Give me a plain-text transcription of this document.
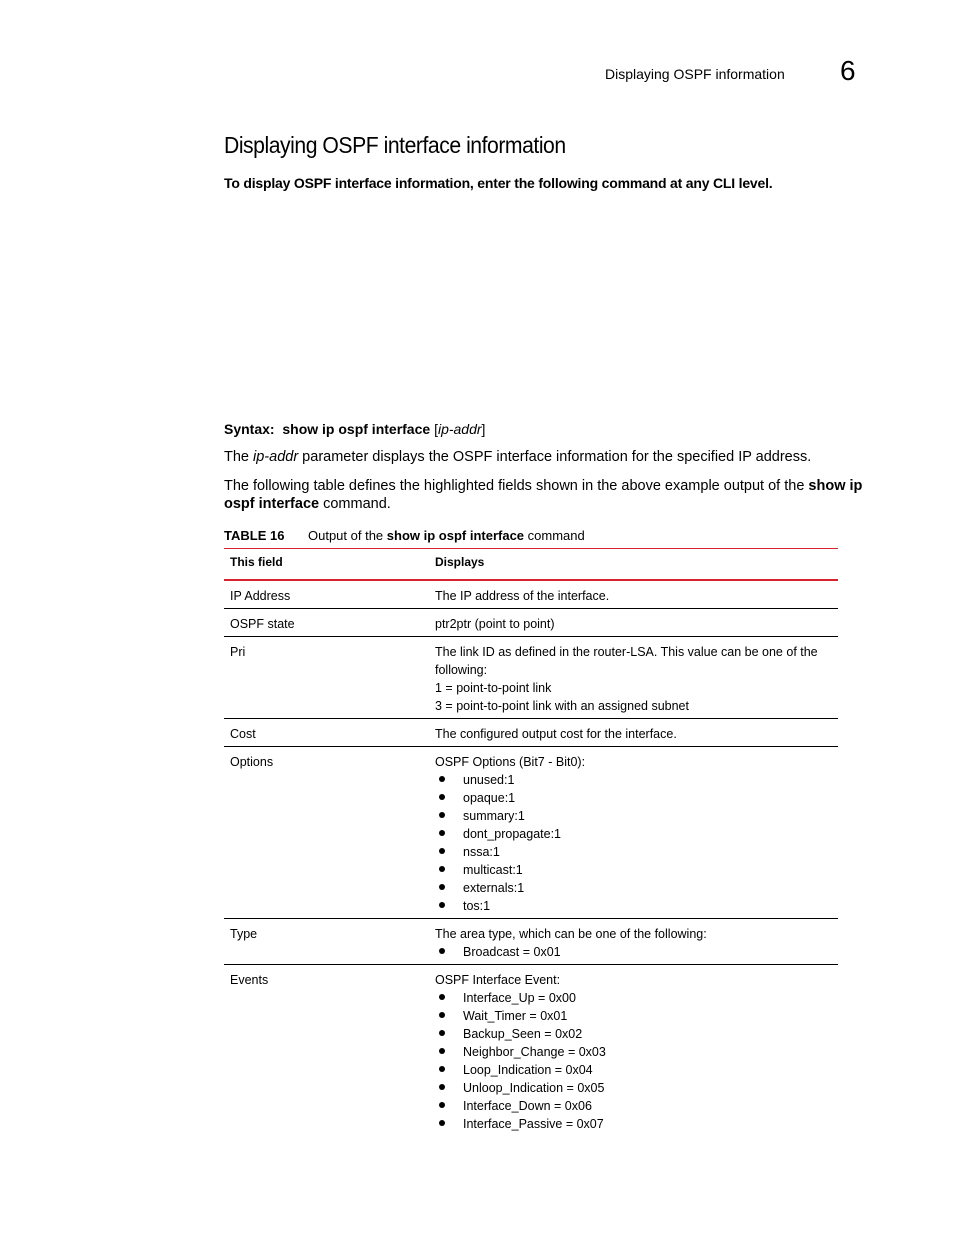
Displaying OSPF information 6
Displaying OSPF interface information
To display OSPF interface information, enter the following command at any CLI level.
Syntax: show ip ospf interface [ip-addr]
The ip-addr parameter displays the OSPF interface information for the specified IP address.
The following table defines the highlighted fields shown in the above example output of the show ip ospf interface command.
TABLE 16 Output of the show ip ospf interface command
This field	Displays
IP Address	The IP address of the interface.
OSPF state	ptr2ptr (point to point)
Pri	The link ID as defined in the router-LSA. This value can be one of the following:
1 = point-to-point link
3 = point-to-point link with an assigned subnet
Cost	The configured output cost for the interface.
Options	OSPF Options (Bit7 - Bit0):
unused:1
opaque:1
summary:1
dont_propagate:1
nssa:1
multicast:1
externals:1
tos:1
Type	The area type, which can be one of the following:
Broadcast = 0x01
Events	OSPF Interface Event:
Interface_Up = 0x00
Wait_Timer = 0x01
Backup_Seen = 0x02
Neighbor_Change = 0x03
Loop_Indication = 0x04
Unloop_Indication = 0x05
Interface_Down = 0x06
Interface_Passive = 0x07
